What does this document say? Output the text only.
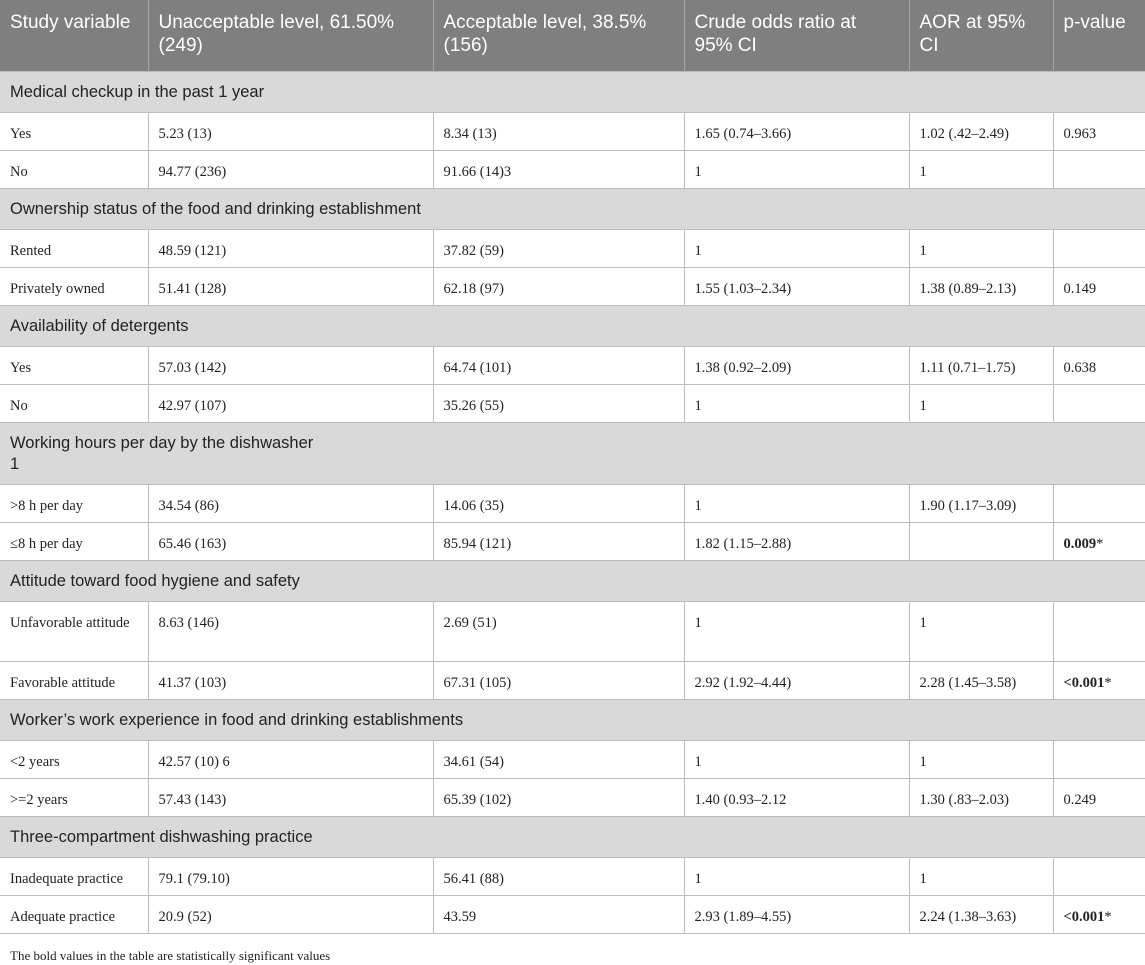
Study variable	Unacceptable level, 61.50% (249)	Acceptable level, 38.5% (156)	Crude odds ratio at 95% CI	AOR at 95% CI	p-value
Medical checkup in the past 1 year					
Yes	5.23 (13)	8.34 (13)	1.65 (0.74–3.66)	1.02 (.42–2.49)	0.963
No	94.77 (236)	91.66 (14)3	1	1	
Ownership status of the food and drinking establishment					
Rented	48.59 (121)	37.82 (59)	1	1	
Privately owned	51.41 (128)	62.18 (97)	1.55 (1.03–2.34)	1.38 (0.89–2.13)	0.149
Availability of detergents					
Yes	57.03 (142)	64.74 (101)	1.38 (0.92–2.09)	1.11 (0.71–1.75)	0.638
No	42.97 (107)	35.26 (55)	1	1	
Working hours per day by the dishwasher
1					
>8 h per day	34.54 (86)	14.06 (35)	1	1.90 (1.17–3.09)	
≤8 h per day	65.46 (163)	85.94 (121)	1.82 (1.15–2.88)		0.009*
Attitude toward food hygiene and safety					
Unfavorable attitude	8.63 (146)	2.69 (51)	1	1	
Favorable attitude	41.37 (103)	67.31 (105)	2.92 (1.92–4.44)	2.28 (1.45–3.58)	<0.001*
Worker’s work experience in food and drinking establishments					
<2 years	42.57 (10) 6	34.61 (54)	1	1	
>=2 years	57.43 (143)	65.39 (102)	1.40 (0.93–2.12	1.30 (.83–2.03)	0.249
Three-compartment dishwashing practice					
Inadequate practice	79.1 (79.10)	56.41 (88)	1	1	
Adequate practice	20.9 (52)	43.59	2.93 (1.89–4.55)	2.24 (1.38–3.63)	<0.001*
The bold values in the table are statistically significant values
